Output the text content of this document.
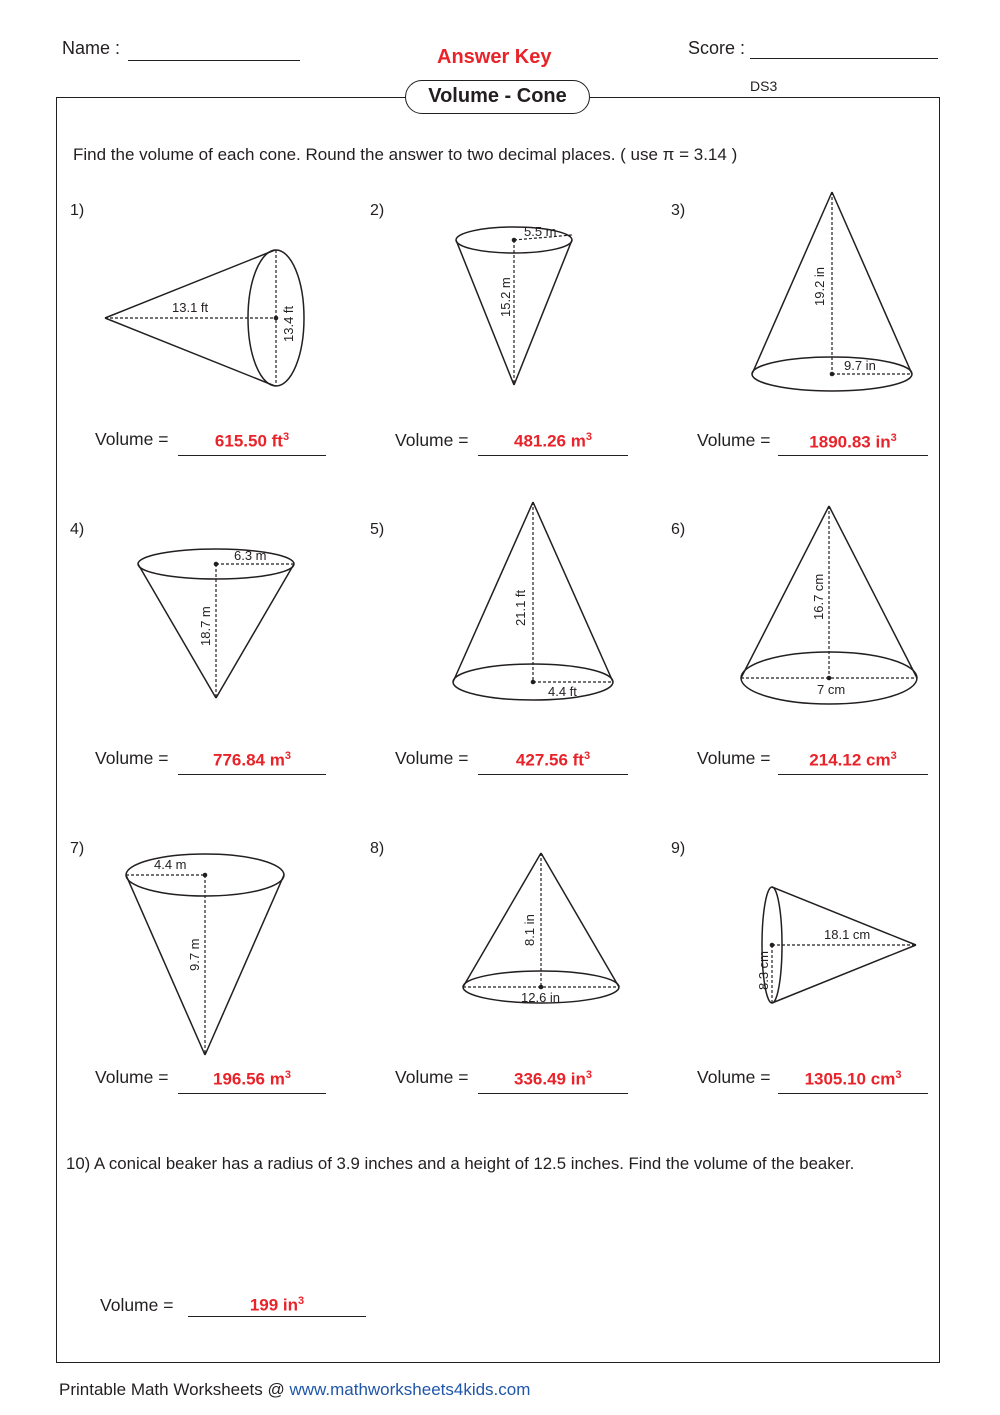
Name :	Answer Key	Score :
DS3
Volume - Cone
Find the volume of each cone. Round the answer to two decimal places. ( use π = 3.14 )
1)	2)	3)
4)	5)	6)
7)	8)	9)
13.1 ft	13.4 ft
5.5 m
15.2 m	19.2 in
9.7 in
6.3 m
18.7 m	21.1 ft
4.4 ft
16.7 cm
7 cm
4.4 m
9.7 m
8.1 in
12.6 in
18.1 cm
8.3 cm
Volume =	615.50 $ft^3$	Volume =	481.26 $m^3$	Volume =	1890.83 $in^3$
Volume =	776.84 $m^3$	Volume =	427.56 $ft^3$	Volume =	214.12 $cm^3$
Volume =	196.56 $m^3$	Volume =	336.49 $in^3$	Volume =	1305.10 $cm^3$
10) A conical beaker has a radius of 3.9 inches and a height of 12.5 inches. Find the volume of the beaker.
Volume =	199 $in^3$
Printable Math Worksheets @ www.mathworksheets4kids.com
